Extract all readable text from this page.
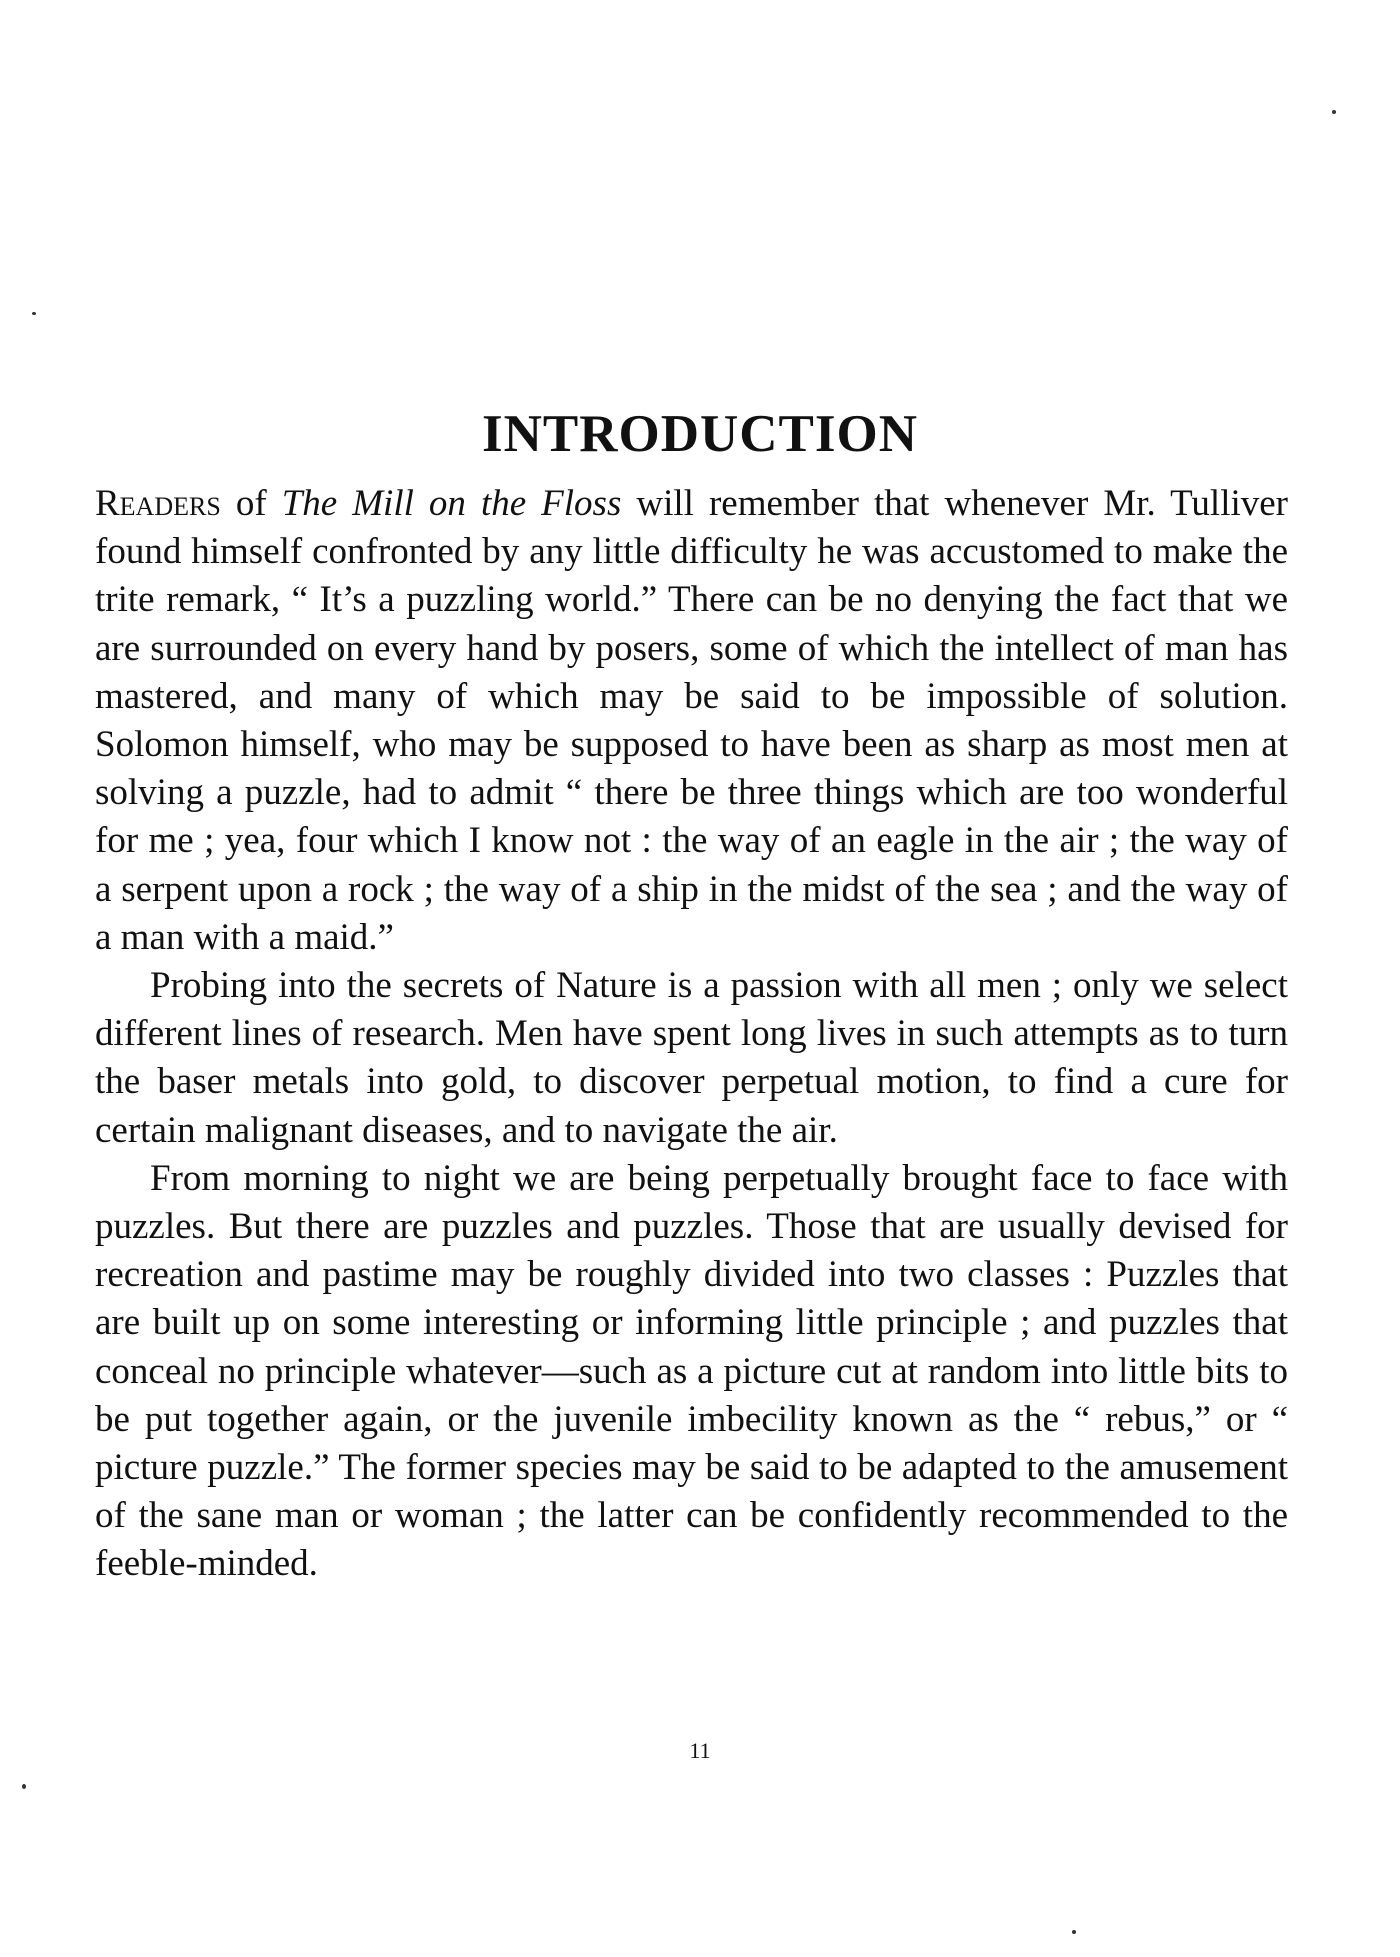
INTRODUCTION

Readers of The Mill on the Floss will remember that whenever Mr. Tulliver found himself confronted by any little difficulty he was accustomed to make the trite remark, “ It’s a puzzling world.” There can be no denying the fact that we are surrounded on every hand by posers, some of which the intellect of man has mastered, and many of which may be said to be impossible of solution. Solomon himself, who may be supposed to have been as sharp as most men at solving a puzzle, had to admit “ there be three things which are too wonderful for me ; yea, four which I know not : the way of an eagle in the air ; the way of a serpent upon a rock ; the way of a ship in the midst of the sea ; and the way of a man with a maid.”

Probing into the secrets of Nature is a passion with all men ; only we select different lines of research. Men have spent long lives in such attempts as to turn the baser metals into gold, to discover perpetual motion, to find a cure for certain malignant diseases, and to navigate the air.

From morning to night we are being perpetually brought face to face with puzzles. But there are puzzles and puzzles. Those that are usually devised for recreation and pastime may be roughly divided into two classes : Puzzles that are built up on some interesting or informing little principle ; and puzzles that conceal no principle whatever—such as a picture cut at random into little bits to be put together again, or the juvenile imbecility known as the “ rebus,” or “ picture puzzle.” The former species may be said to be adapted to the amusement of the sane man or woman ; the latter can be confidently recommended to the feeble-minded.

11
